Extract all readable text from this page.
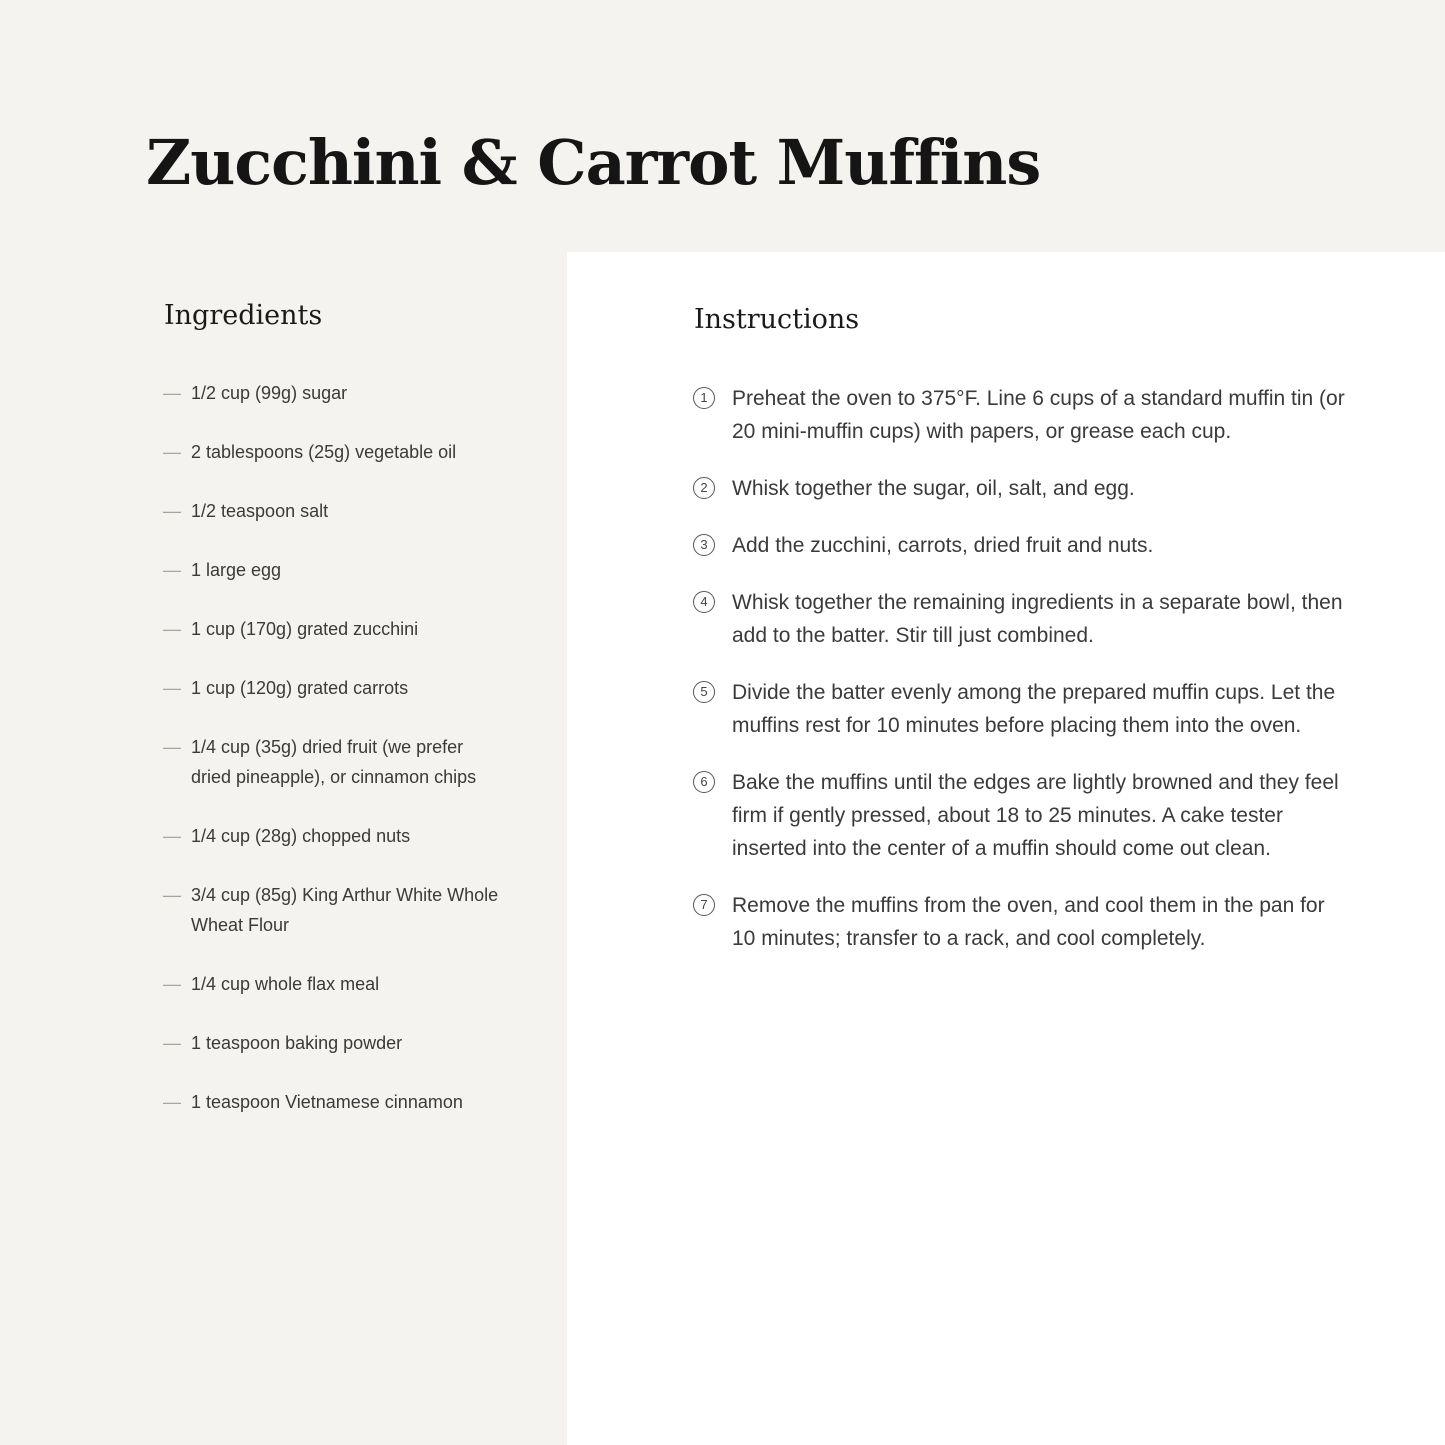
Zucchini & Carrot Muffins
Ingredients
— 1/2 cup (99g) sugar
— 2 tablespoons (25g) vegetable oil
— 1/2 teaspoon salt
— 1 large egg
— 1 cup (170g) grated zucchini
— 1 cup (120g) grated carrots
— 1/4 cup (35g) dried fruit (we prefer dried pineapple), or cinnamon chips
— 1/4 cup (28g) chopped nuts
— 3/4 cup (85g) King Arthur White Whole Wheat Flour
— 1/4 cup whole flax meal
— 1 teaspoon baking powder
— 1 teaspoon Vietnamese cinnamon
Instructions
1	Preheat the oven to 375°F. Line 6 cups of a standard muffin tin (or 20 mini-muffin cups) with papers, or grease each cup.
2	Whisk together the sugar, oil, salt, and egg.
3	Add the zucchini, carrots, dried fruit and nuts.
4	Whisk together the remaining ingredients in a separate bowl, then add to the batter. Stir till just combined.
5	Divide the batter evenly among the prepared muffin cups. Let the muffins rest for 10 minutes before placing them into the oven.
6	Bake the muffins until the edges are lightly browned and they feel firm if gently pressed, about 18 to 25 minutes. A cake tester inserted into the center of a muffin should come out clean.
7	Remove the muffins from the oven, and cool them in the pan for 10 minutes; transfer to a rack, and cool completely.
